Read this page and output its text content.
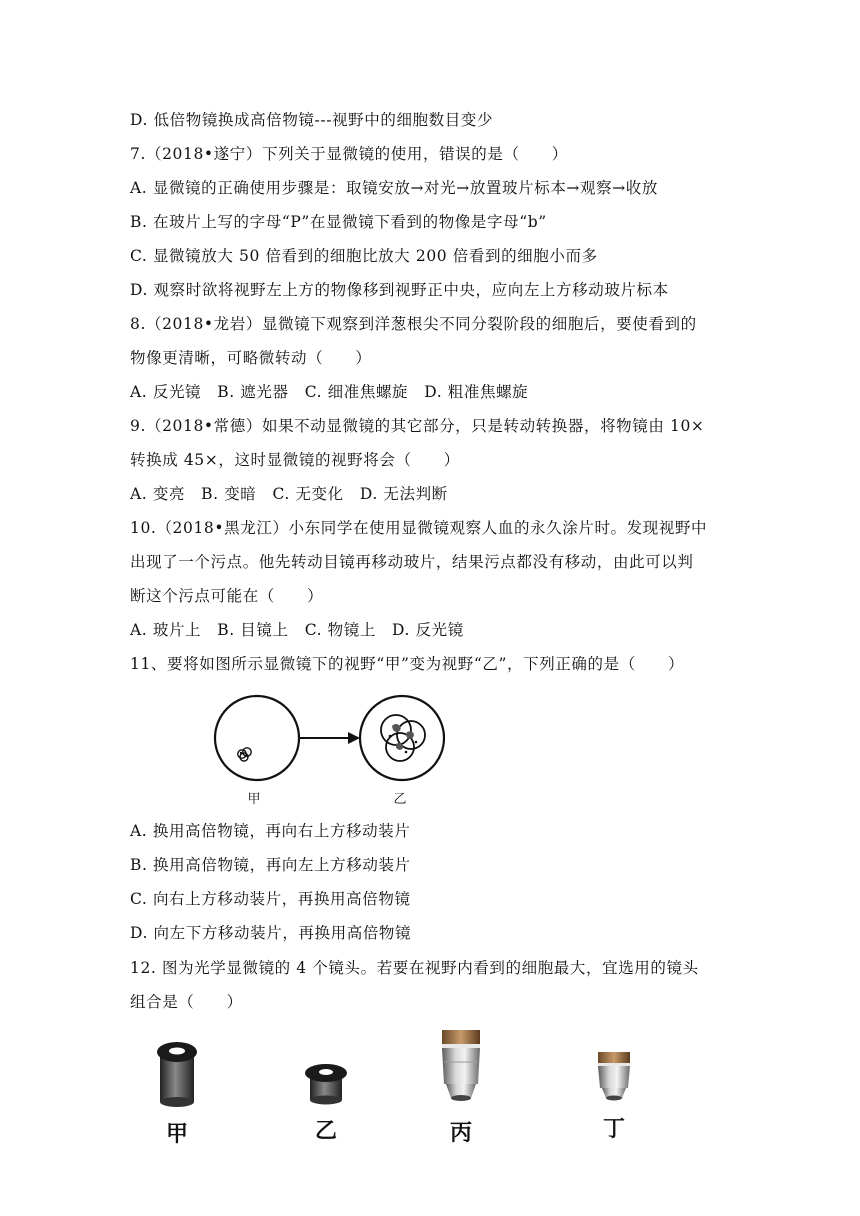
D. 低倍物镜换成高倍物镜---视野中的细胞数目变少
7.（2018•遂宁）下列关于显微镜的使用，错误的是（　　）
A. 显微镜的正确使用步骤是：取镜安放→对光→放置玻片标本→观察→收放
B. 在玻片上写的字母“P”在显微镜下看到的物像是字母“b”
C. 显微镜放大 50 倍看到的细胞比放大 200 倍看到的细胞小而多
D. 观察时欲将视野左上方的物像移到视野正中央，应向左上方移动玻片标本
8.（2018•龙岩）显微镜下观察到洋葱根尖不同分裂阶段的细胞后，要使看到的
物像更清晰，可略微转动（　　）
A. 反光镜　B. 遮光器　C. 细准焦螺旋　D. 粗准焦螺旋
9.（2018•常德）如果不动显微镜的其它部分，只是转动转换器，将物镜由 10×
转换成 45×，这时显微镜的视野将会（　　）
A. 变亮　B. 变暗　C. 无变化　D. 无法判断
10.（2018•黑龙江）小东同学在使用显微镜观察人血的永久涂片时。发现视野中
出现了一个污点。他先转动目镜再移动玻片，结果污点都没有移动，由此可以判
断这个污点可能在（　　）
A. 玻片上　B. 目镜上　C. 物镜上　D. 反光镜
11、要将如图所示显微镜下的视野“甲”变为视野“乙”，下列正确的是（　　）
甲	乙
A. 换用高倍物镜，再向右上方移动装片
B. 换用高倍物镜，再向左上方移动装片
C. 向右上方移动装片，再换用高倍物镜
D. 向左下方移动装片，再换用高倍物镜
12. 图为光学显微镜的 4 个镜头。若要在视野内看到的细胞最大，宜选用的镜头
组合是（　　）
甲	乙	丙	丁
